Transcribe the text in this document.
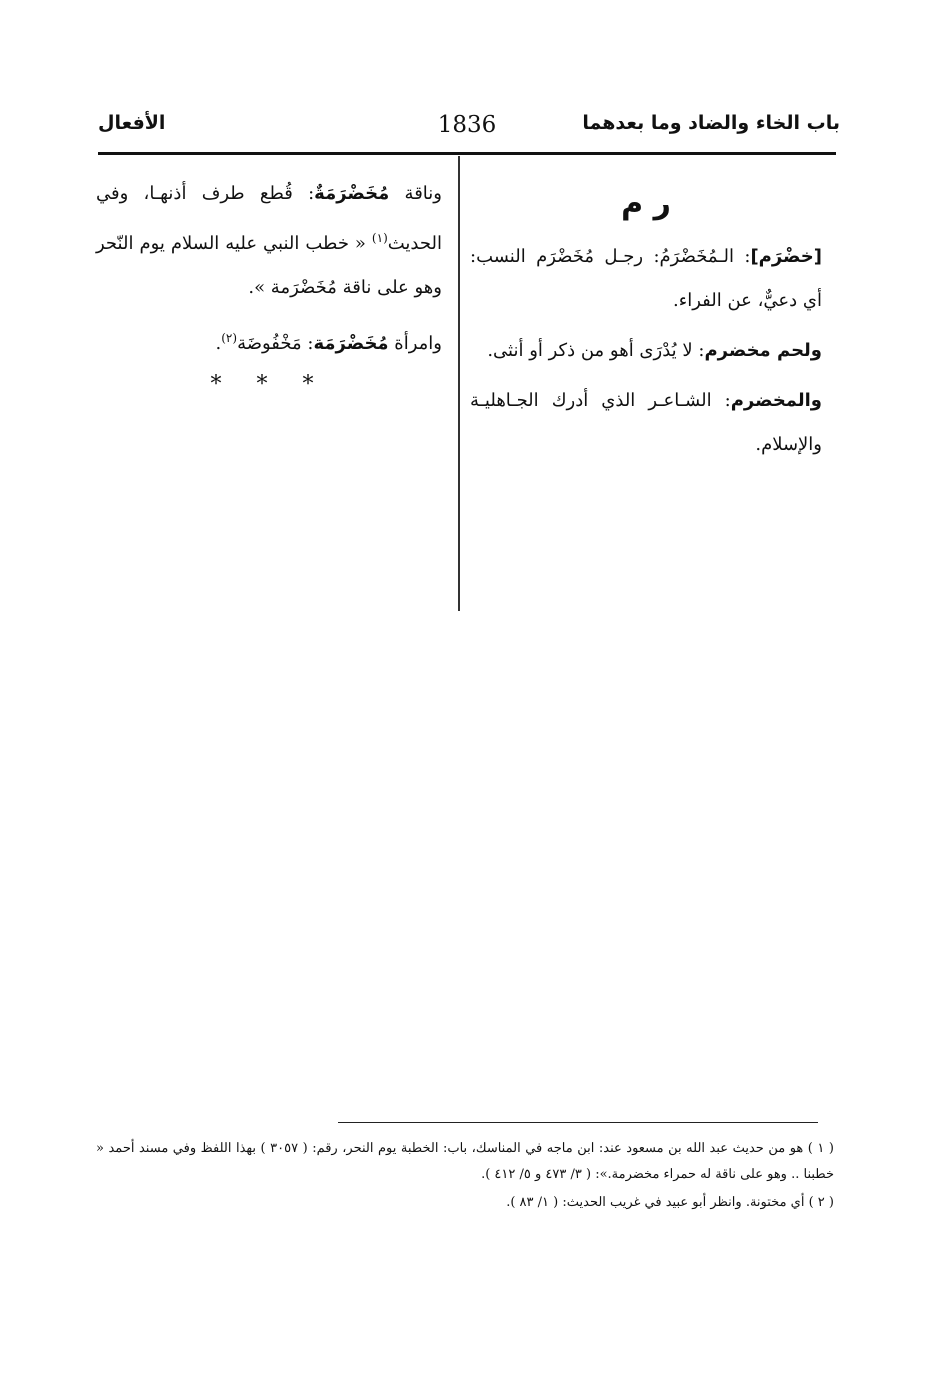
باب الخاء والضاد وما بعدهما
1836
الأفعال
ر م

[خضْرَم]: الـمُخَضْرَمُ: رجـل مُخَضْرَم النسب: أي دعيٌّ، عن الفراء.

ولحم مخضرم: لا يُدْرَى أهو من ذكر أو أنثى.

والمخضرم: الشـاعـر الذي أدرك الجـاهليـة والإسلام.

وناقة مُخَضْرَمَةٌ: قُطع طرف أذنهـا، وفي الحديث$^{(١)}$ « خطب النبي عليه السلام يوم النّحر وهو على ناقة مُخَضْرَمة ».

وامرأة مُخَضْرَمَة: مَخْفُوضَة$^{(٢)}$.

* * *

( ١ ) هو من حديث عبد الله بن مسعود عند: ابن ماجه في المناسك، باب: الخطبة يوم النحر، رقم: ( ٣٠٥٧ ) بهذا اللفظ وفي مسند أحمد « خطبنا .. وهو على ناقة له حمراء مخضرمة.»: ( ٣/ ٤٧٣ و ٥/ ٤١٢ ).

( ٢ ) أي مختونة. وانظر أبو عبيد في غريب الحديث: ( ١/ ٨٣ ).
